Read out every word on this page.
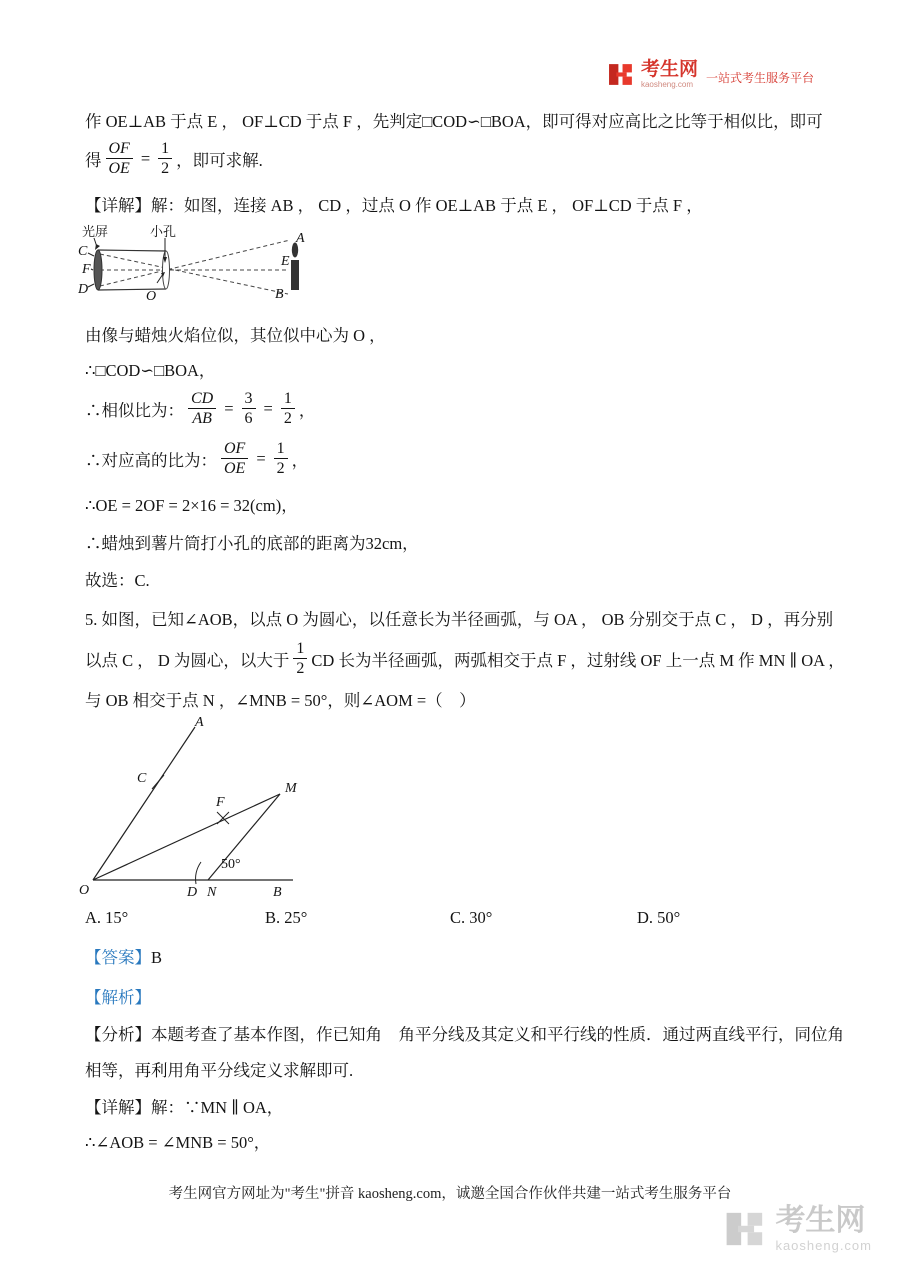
考生网
kaosheng.com	一站式考生服务平台
作 OE⊥AB 于点 E ， OF⊥CD 于点 F ，先判定□COD∽□BOA，即可得对应高比之比等于相似比，即可
得 $\frac{OF}{OE} = \frac{1}{2}$ ，即可求解.
【详解】解：如图，连接 AB ， CD ，过点 O 作 OE⊥AB 于点 E ， OF⊥CD 于点 F ，
光屏	小孔
C
F
D	O
A
E
B
由像与蜡烛火焰位似，其位似中心为 O ，
∴□COD∽□BOA，
∴相似比为： $\frac{CD}{AB} = \frac{3}{6} = \frac{1}{2}$ ，
∴对应高的比为： $\frac{OF}{OE} = \frac{1}{2}$ ，
∴OE = 2OF = 2×16 = 32(cm)，
∴蜡烛到薯片筒打小孔的底部的距离为32cm，
故选：C.
5. 如图，已知∠AOB，以点 O 为圆心，以任意长为半径画弧，与 OA ， OB 分别交于点 C ， D ，再分别
以点 C ， D 为圆心，以大于 $\frac{1}{2}$ CD 长为半径画弧，两弧相交于点 F ，过射线 OF 上一点 M 作 MN ∥ OA ，
与 OB 相交于点 N ，∠MNB = 50°，则∠AOM =（　）
A
C
F
M
O	D N	B
50°
A. 15°	B. 25°	C. 30°	D. 50°
【答案】B
【解析】
【分析】本题考查了基本作图，作已知角　角平分线及其定义和平行线的性质．通过两直线平行，同位角
相等，再利用角平分线定义求解即可.
【详解】解：∵MN ∥ OA，
∴∠AOB = ∠MNB = 50°，
考生网官方网址为"考生"拼音 kaosheng.com，诚邀全国合作伙伴共建一站式考生服务平台
考生网
kaosheng.com
